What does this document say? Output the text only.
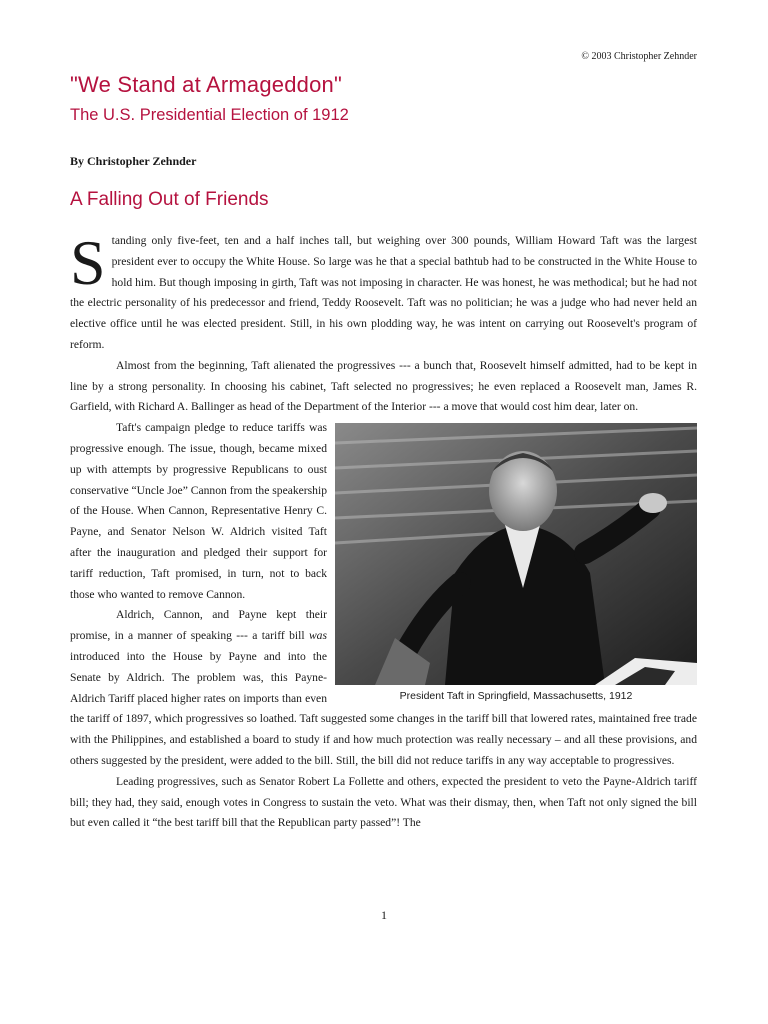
© 2003 Christopher Zehnder

"We Stand at Armageddon"
The U.S. Presidential Election of 1912

By Christopher Zehnder

A Falling Out of Friends

Standing only five-feet, ten and a half inches tall, but weighing over 300 pounds, William Howard Taft was the largest president ever to occupy the White House. So large was he that a special bathtub had to be constructed in the White House to hold him. But though imposing in girth, Taft was not imposing in character. He was honest, he was methodical; but he had not the electric personality of his predecessor and friend, Teddy Roosevelt. Taft was no politician; he was a judge who had never held an elective office until he was elected president. Still, in his own plodding way, he was intent on carrying out Roosevelt's program of reform.

Almost from the beginning, Taft alienated the progressives --- a bunch that, Roosevelt himself admitted, had to be kept in line by a strong personality. In choosing his cabinet, Taft selected no progressives; he even replaced a Roosevelt man, James R. Garfield, with Richard A. Ballinger as head of the Department of the Interior --- a move that would cost him dear, later on.

President Taft in Springfield, Massachusetts, 1912

Taft's campaign pledge to reduce tariffs was progressive enough. The issue, though, became mixed up with attempts by progressive Republicans to oust conservative “Uncle Joe” Cannon from the speakership of the House. When Cannon, Representative Henry C. Payne, and Senator Nelson W. Aldrich visited Taft after the inauguration and pledged their support for tariff reduction, Taft promised, in turn, not to back those who wanted to remove Cannon.

Aldrich, Cannon, and Payne kept their promise, in a manner of speaking --- a tariff bill was introduced into the House by Payne and into the Senate by Aldrich. The problem was, this Payne-Aldrich Tariff placed higher rates on imports than even the tariff of 1897, which progressives so loathed. Taft suggested some changes in the tariff bill that lowered rates, maintained free trade with the Philippines, and established a board to study if and how much protection was really necessary – and all these provisions, and others suggested by the president, were added to the bill. Still, the bill did not reduce tariffs in any way acceptable to progressives.

Leading progressives, such as Senator Robert La Follette and others, expected the president to veto the Payne-Aldrich tariff bill; they had, they said, enough votes in Congress to sustain the veto. What was their dismay, then, when Taft not only signed the bill but even called it “the best tariff bill that the Republican party passed”! The

1
